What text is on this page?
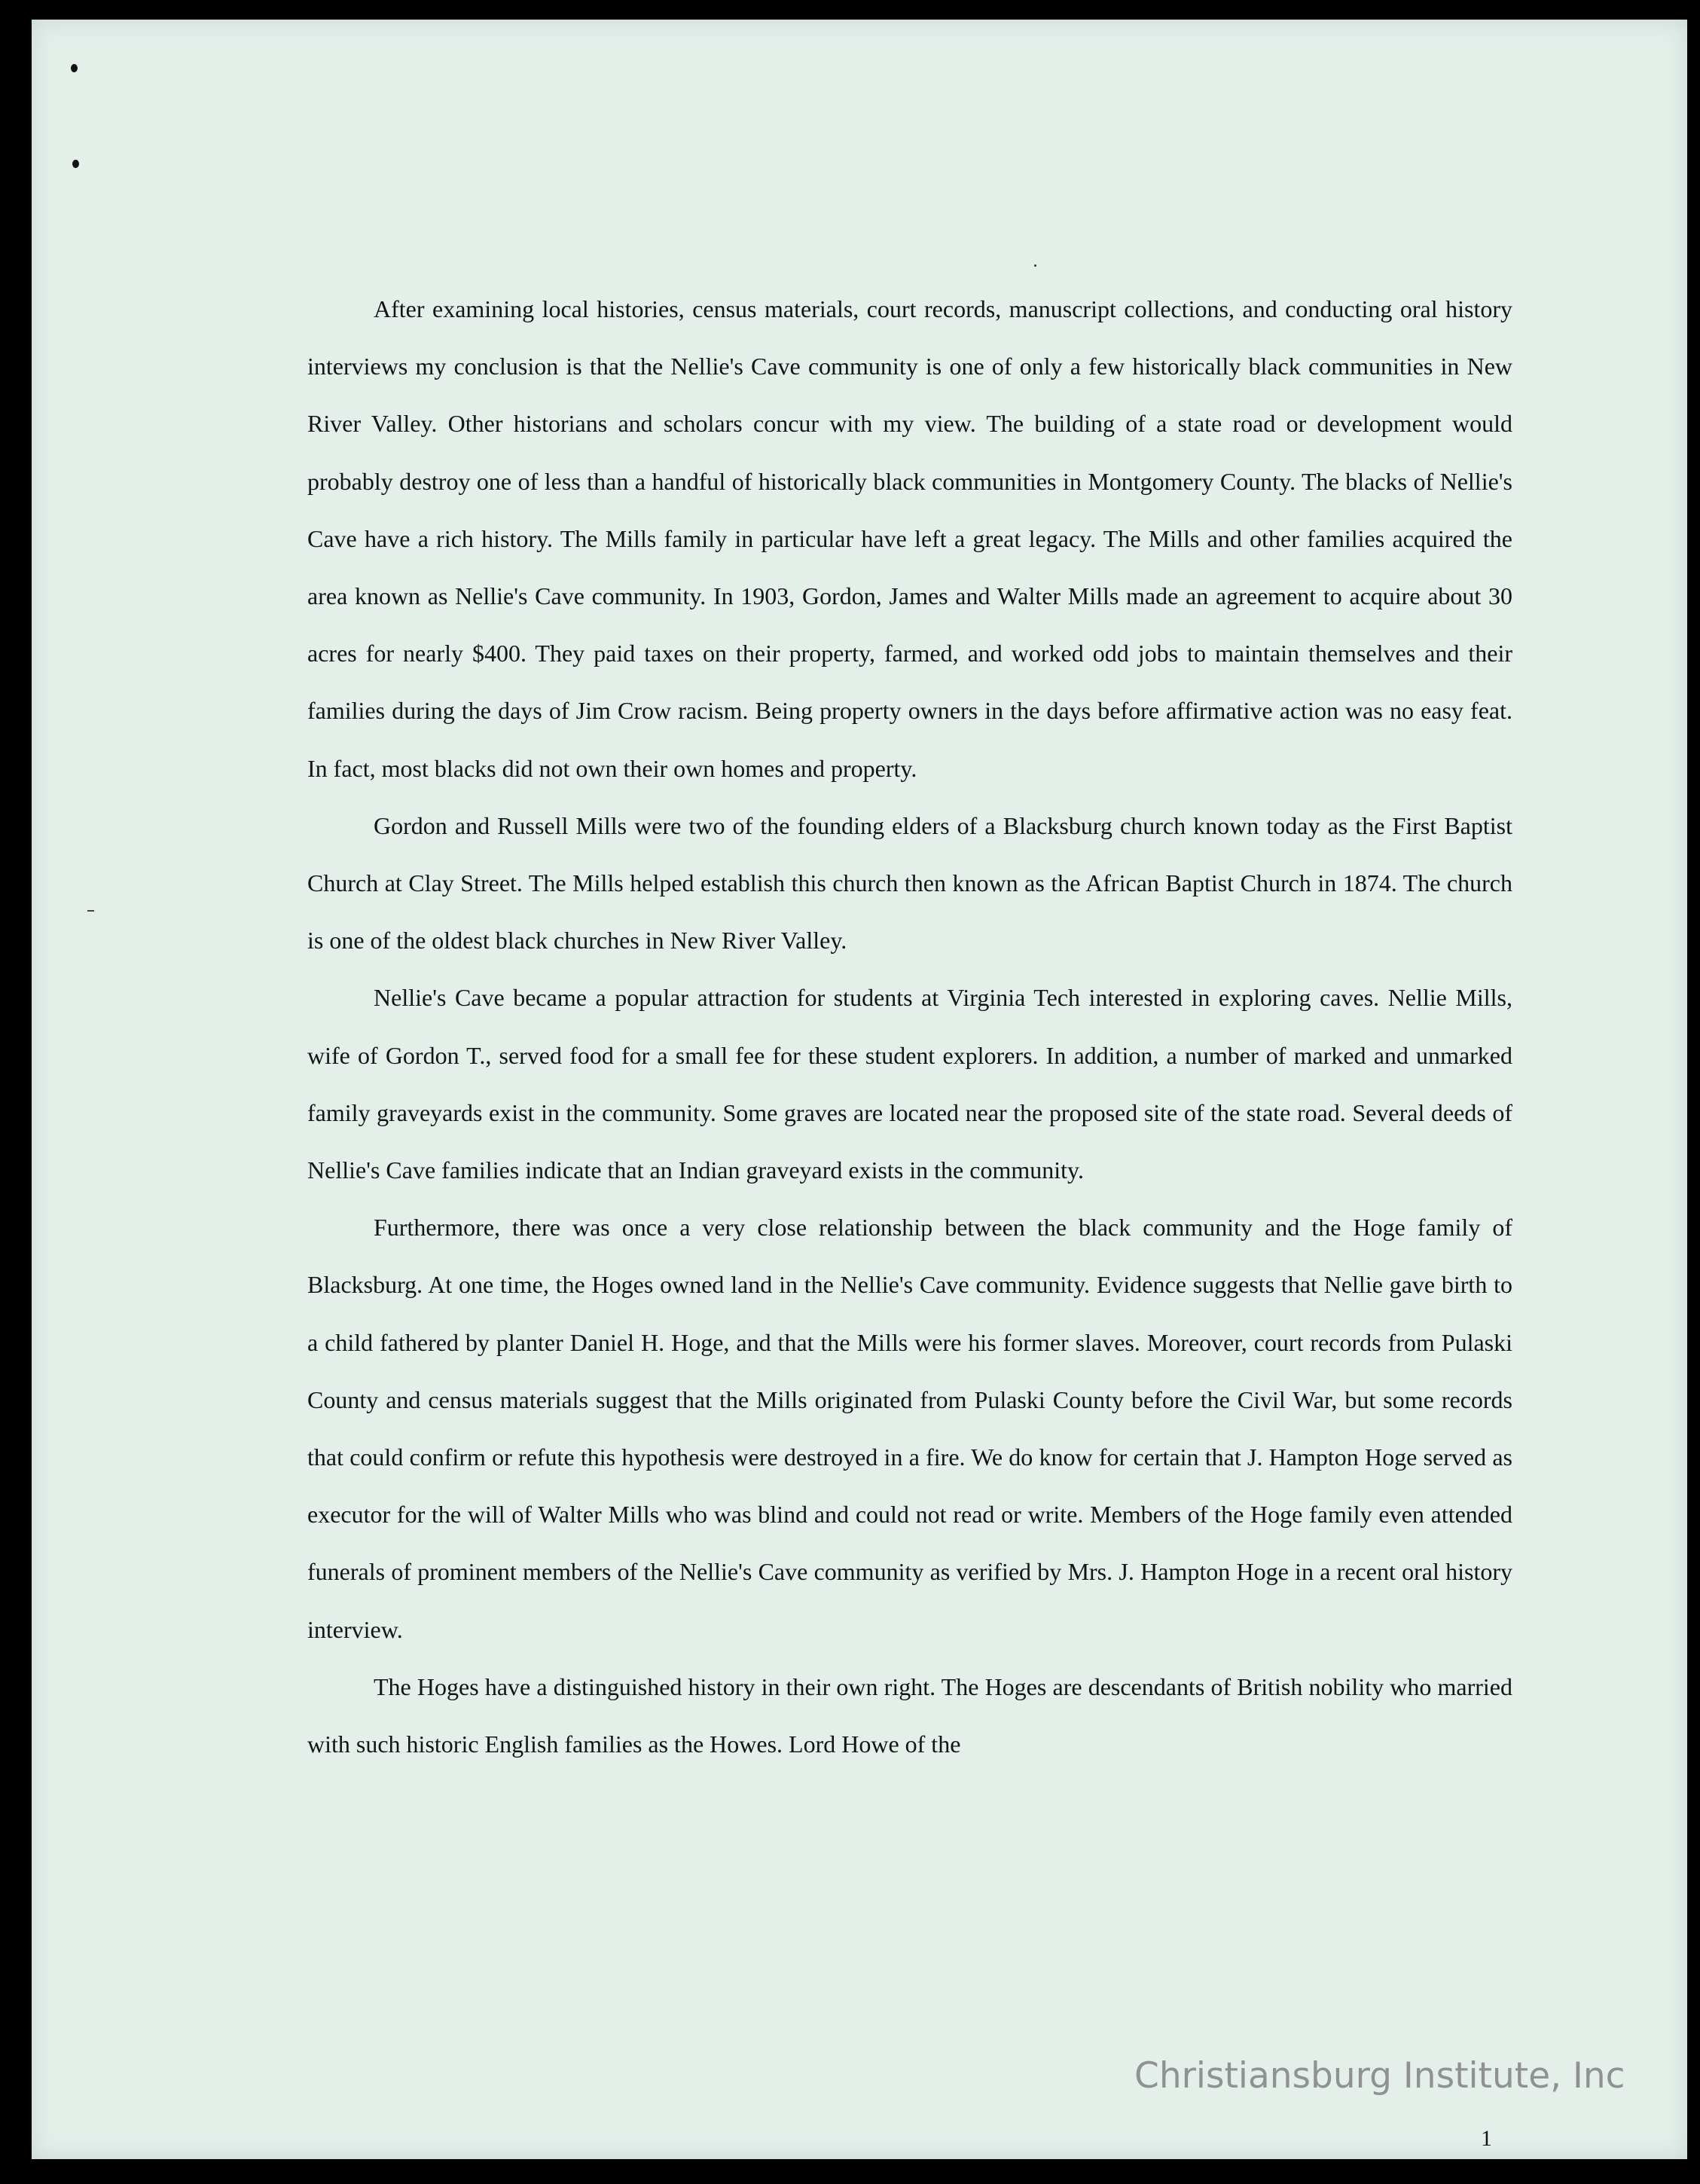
After examining local histories, census materials, court records, manuscript collections, and conducting oral history interviews my conclusion is that the Nellie's Cave community is one of only a few historically black communities in New River Valley. Other historians and scholars concur with my view. The building of a state road or development would probably destroy one of less than a handful of historically black communities in Montgomery County. The blacks of Nellie's Cave have a rich history. The Mills family in particular have left a great legacy. The Mills and other families acquired the area known as Nellie's Cave community. In 1903, Gordon, James and Walter Mills made an agreement to acquire about 30 acres for nearly $400. They paid taxes on their property, farmed, and worked odd jobs to maintain themselves and their families during the days of Jim Crow racism. Being property owners in the days before affirmative action was no easy feat. In fact, most blacks did not own their own homes and property.

Gordon and Russell Mills were two of the founding elders of a Blacksburg church known today as the First Baptist Church at Clay Street. The Mills helped establish this church then known as the African Baptist Church in 1874. The church is one of the oldest black churches in New River Valley.

Nellie's Cave became a popular attraction for students at Virginia Tech interested in exploring caves. Nellie Mills, wife of Gordon T., served food for a small fee for these student explorers. In addition, a number of marked and unmarked family graveyards exist in the community. Some graves are located near the proposed site of the state road. Several deeds of Nellie's Cave families indicate that an Indian graveyard exists in the community.

Furthermore, there was once a very close relationship between the black community and the Hoge family of Blacksburg. At one time, the Hoges owned land in the Nellie's Cave community. Evidence suggests that Nellie gave birth to a child fathered by planter Daniel H. Hoge, and that the Mills were his former slaves. Moreover, court records from Pulaski County and census materials suggest that the Mills originated from Pulaski County before the Civil War, but some records that could confirm or refute this hypothesis were destroyed in a fire. We do know for certain that J. Hampton Hoge served as executor for the will of Walter Mills who was blind and could not read or write. Members of the Hoge family even attended funerals of prominent members of the Nellie's Cave community as verified by Mrs. J. Hampton Hoge in a recent oral history interview.

The Hoges have a distinguished history in their own right. The Hoges are descendants of British nobility who married with such historic English families as the Howes. Lord Howe of the

1
Christiansburg Institute, Inc
